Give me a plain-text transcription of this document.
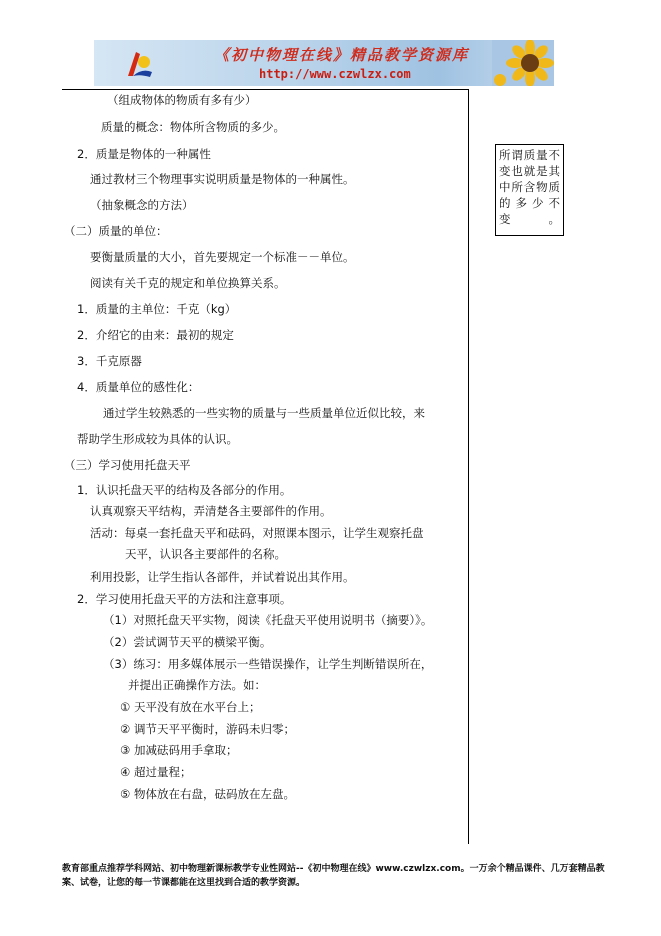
《初中物理在线》精品教学资源库
http://www.czwlzx.com
（组成物体的物质有多有少）
质量的概念：物体所含物质的多少。
2．质量是物体的一种属性
通过教材三个物理事实说明质量是物体的一种属性。
（抽象概念的方法）
（二）质量的单位：
要衡量质量的大小，首先要规定一个标准－－单位。
阅读有关千克的规定和单位换算关系。
1．质量的主单位：千克（kg）
2．介绍它的由来：最初的规定
3．千克原器
4．质量单位的感性化：
通过学生较熟悉的一些实物的质量与一些质量单位近似比较，来
帮助学生形成较为具体的认识。
（三）学习使用托盘天平
1．认识托盘天平的结构及各部分的作用。
认真观察天平结构，弄清楚各主要部件的作用。
活动：每桌一套托盘天平和砝码，对照课本图示，让学生观察托盘
天平，认识各主要部件的名称。
利用投影，让学生指认各部件，并试着说出其作用。
2．学习使用托盘天平的方法和注意事项。
（1）对照托盘天平实物，阅读《托盘天平使用说明书（摘要）》。
（2）尝试调节天平的横梁平衡。
（3）练习：用多媒体展示一些错误操作，让学生判断错误所在，
并提出正确操作方法。如：
① 天平没有放在水平台上；
② 调节天平平衡时，游码未归零；
③ 加减砝码用手拿取；
④ 超过量程；
⑤ 物体放在右盘，砝码放在左盘。
所谓质量不变也就是其中所含物质的多少不变。
教育部重点推荐学科网站、初中物理新课标教学专业性网站--《初中物理在线》www.czwlzx.com。一万余个精品课件、几万套精品教案、试卷，让您的每一节课都能在这里找到合适的教学资源。
